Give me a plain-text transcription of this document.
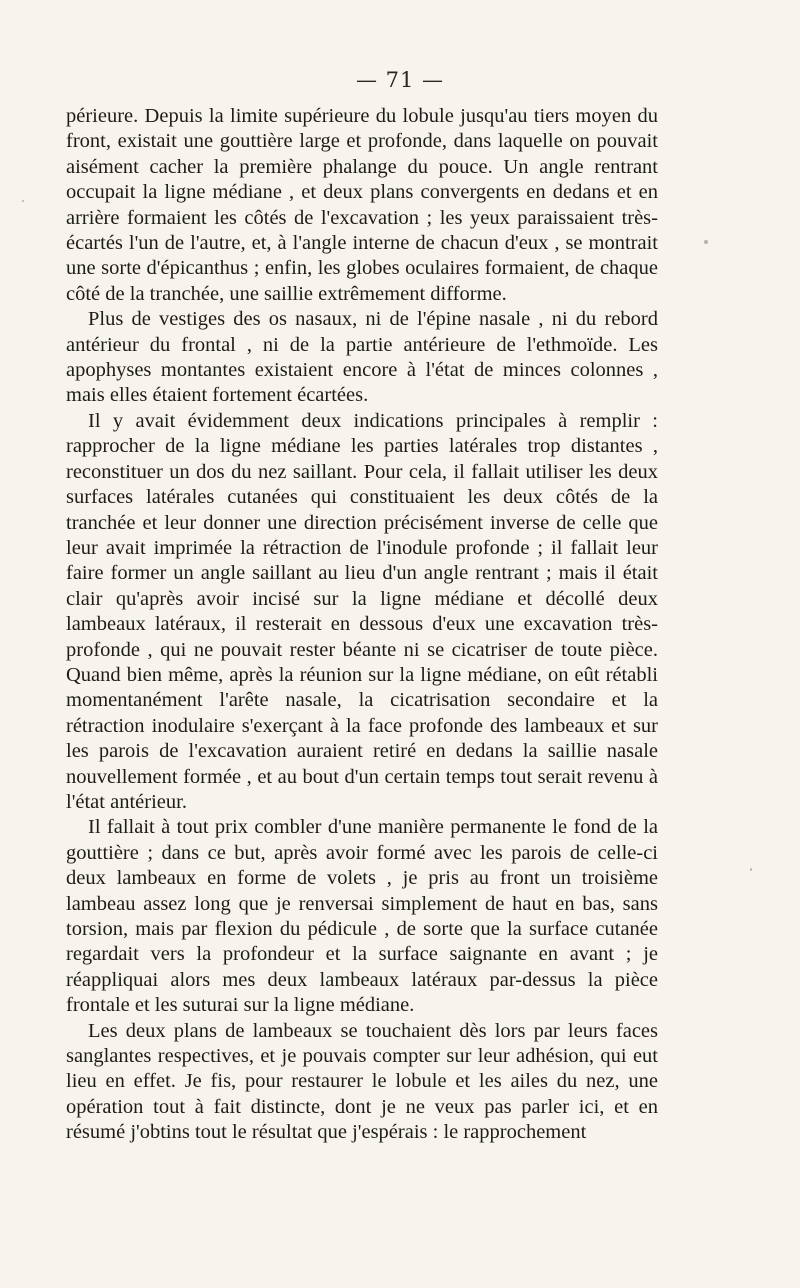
— 71 —

périeure. Depuis la limite supérieure du lobule jusqu'au tiers moyen du front, existait une gouttière large et profonde, dans laquelle on pouvait aisément cacher la première phalange du pouce. Un angle rentrant occupait la ligne médiane , et deux plans convergents en dedans et en arrière formaient les côtés de l'excavation ; les yeux paraissaient très-écartés l'un de l'autre, et, à l'angle interne de chacun d'eux , se montrait une sorte d'épicanthus ; enfin, les globes oculaires formaient, de chaque côté de la tranchée, une saillie extrêmement difforme.

Plus de vestiges des os nasaux, ni de l'épine nasale , ni du rebord antérieur du frontal , ni de la partie antérieure de l'ethmoïde. Les apophyses montantes existaient encore à l'état de minces colonnes , mais elles étaient fortement écartées.

Il y avait évidemment deux indications principales à remplir : rapprocher de la ligne médiane les parties latérales trop distantes , reconstituer un dos du nez saillant. Pour cela, il fallait utiliser les deux surfaces latérales cutanées qui constituaient les deux côtés de la tranchée et leur donner une direction précisément inverse de celle que leur avait imprimée la rétraction de l'inodule profonde ; il fallait leur faire former un angle saillant au lieu d'un angle rentrant ; mais il était clair qu'après avoir incisé sur la ligne médiane et décollé deux lambeaux latéraux, il resterait en dessous d'eux une excavation très-profonde , qui ne pouvait rester béante ni se cicatriser de toute pièce. Quand bien même, après la réunion sur la ligne médiane, on eût rétabli momentanément l'arête nasale, la cicatrisation secondaire et la rétraction inodulaire s'exerçant à la face profonde des lambeaux et sur les parois de l'excavation auraient retiré en dedans la saillie nasale nouvellement formée , et au bout d'un certain temps tout serait revenu à l'état antérieur.

Il fallait à tout prix combler d'une manière permanente le fond de la gouttière ; dans ce but, après avoir formé avec les parois de celle-ci deux lambeaux en forme de volets , je pris au front un troisième lambeau assez long que je renversai simplement de haut en bas, sans torsion, mais par flexion du pédicule , de sorte que la surface cutanée regardait vers la profondeur et la surface saignante en avant ; je réappliquai alors mes deux lambeaux latéraux par-dessus la pièce frontale et les suturai sur la ligne médiane.

Les deux plans de lambeaux se touchaient dès lors par leurs faces sanglantes respectives, et je pouvais compter sur leur adhésion, qui eut lieu en effet. Je fis, pour restaurer le lobule et les ailes du nez, une opération tout à fait distincte, dont je ne veux pas parler ici, et en résumé j'obtins tout le résultat que j'espérais : le rapprochement
